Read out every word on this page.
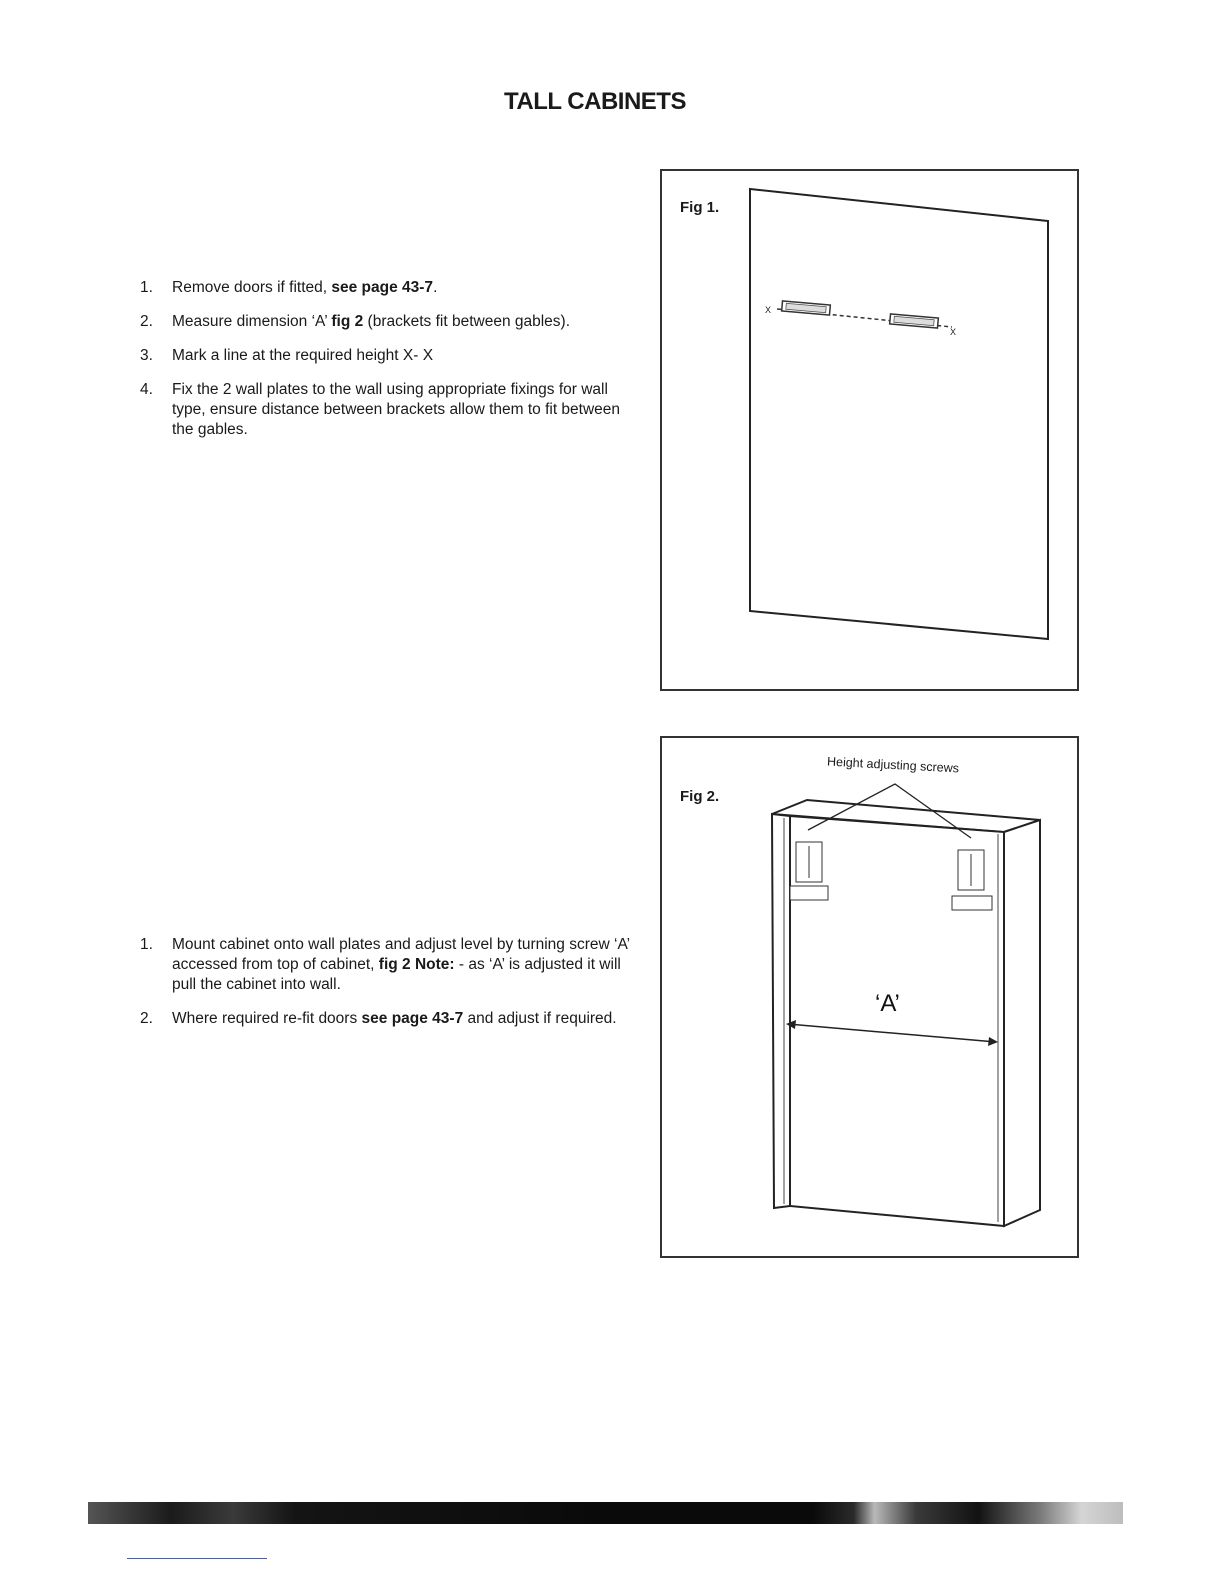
TALL CABINETS
1.	Remove doors if fitted, see page 43-7.
2.	Measure dimension ‘A’ fig 2 (brackets fit between gables).
3.	Mark a line at the required height X- X
4.	Fix the 2 wall plates to the wall using appropriate fixings for wall type, ensure distance between brackets allow them to fit between the gables.
1.	Mount cabinet onto wall plates and adjust level by turning screw ‘A’ accessed from top of cabinet, fig 2 Note: - as ‘A’ is adjusted it will pull the cabinet into wall.
2.	Where required re-fit doors see page 43-7 and adjust if required.
X
X
Fig 1.
Fig 2.
Height adjusting screws
‘A’
